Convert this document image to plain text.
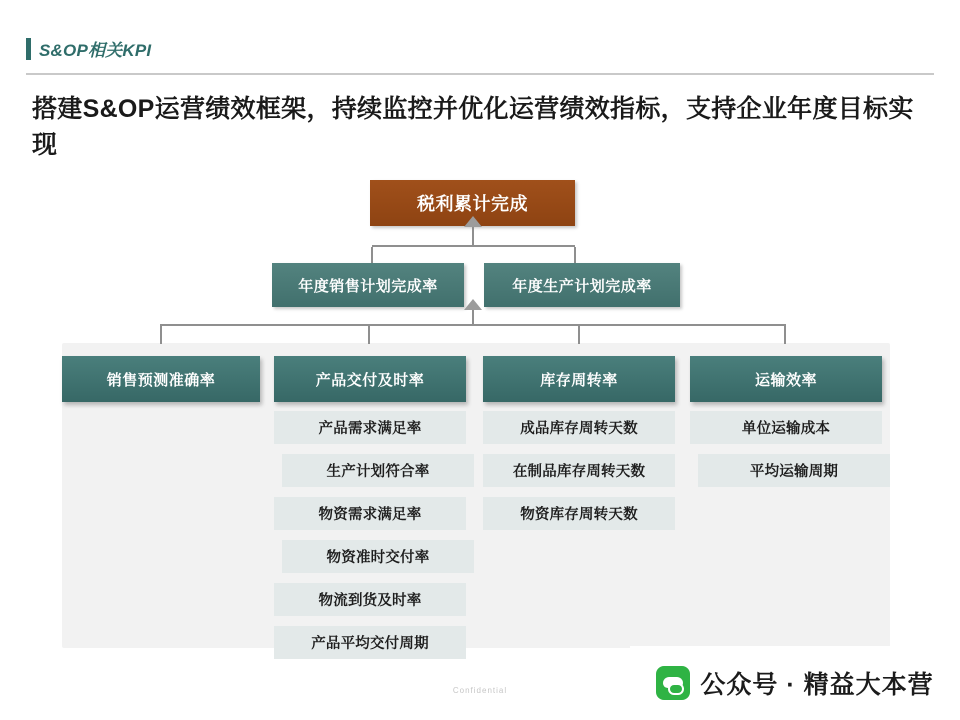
S&OP相关KPI
搭建S&OP运营绩效框架，持续监控并优化运营绩效指标，支持企业年度目标实现
税利累计完成
年度销售计划完成率	年度生产计划完成率
销售预测准确率	产品交付及时率
产品需求满足率
生产计划符合率
物资需求满足率
物资准时交付率
物流到货及时率
产品平均交付周期
库存周转率
成品库存周转天数
在制品库存周转天数
物资库存周转天数
运输效率
单位运输成本
平均运输周期
Confidential	公众号 · 精益大本营
